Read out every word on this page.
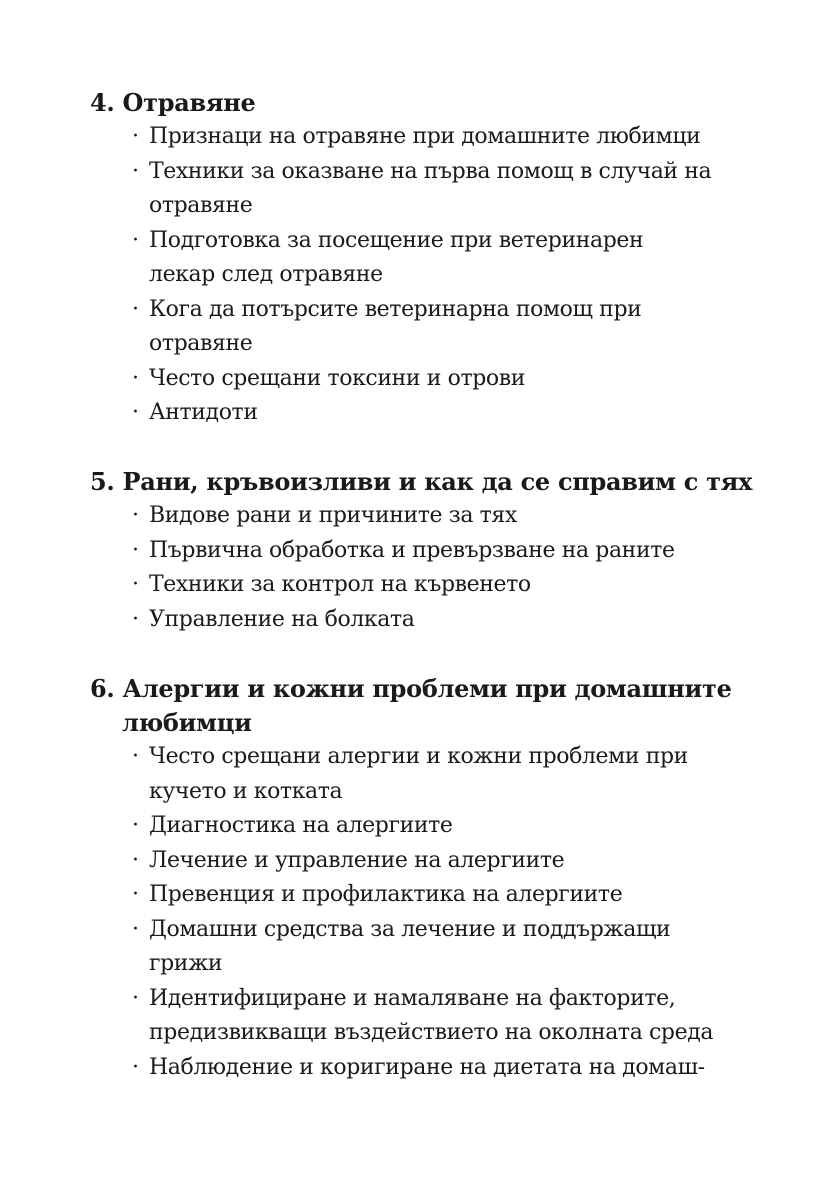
4. Отравяне
· Признаци на отравяне при домашните любимци
· Техники за оказване на първа помощ в случай на
отравяне
· Подготовка за посещение при ветеринарен
лекар след отравяне
· Кога да потърсите ветеринарна помощ при
отравяне
· Често срещани токсини и отрови
· Антидоти
5. Рани, кръвоизливи и как да се справим с тях
· Видове рани и причините за тях
· Първична обработка и превързване на раните
· Техники за контрол на кървенето
· Управление на болката
6. Алергии и кожни проблеми при домашните
любимци
· Често срещани алергии и кожни проблеми при
кучето и котката
· Диагностика на алергиите
· Лечение и управление на алергиите
· Превенция и профилактика на алергиите
· Домашни средства за лечение и поддържащи
грижи
· Идентифициране и намаляване на факторите,
предизвикващи въздействието на околната среда
· Наблюдение и коригиране на диетата на домаш-
